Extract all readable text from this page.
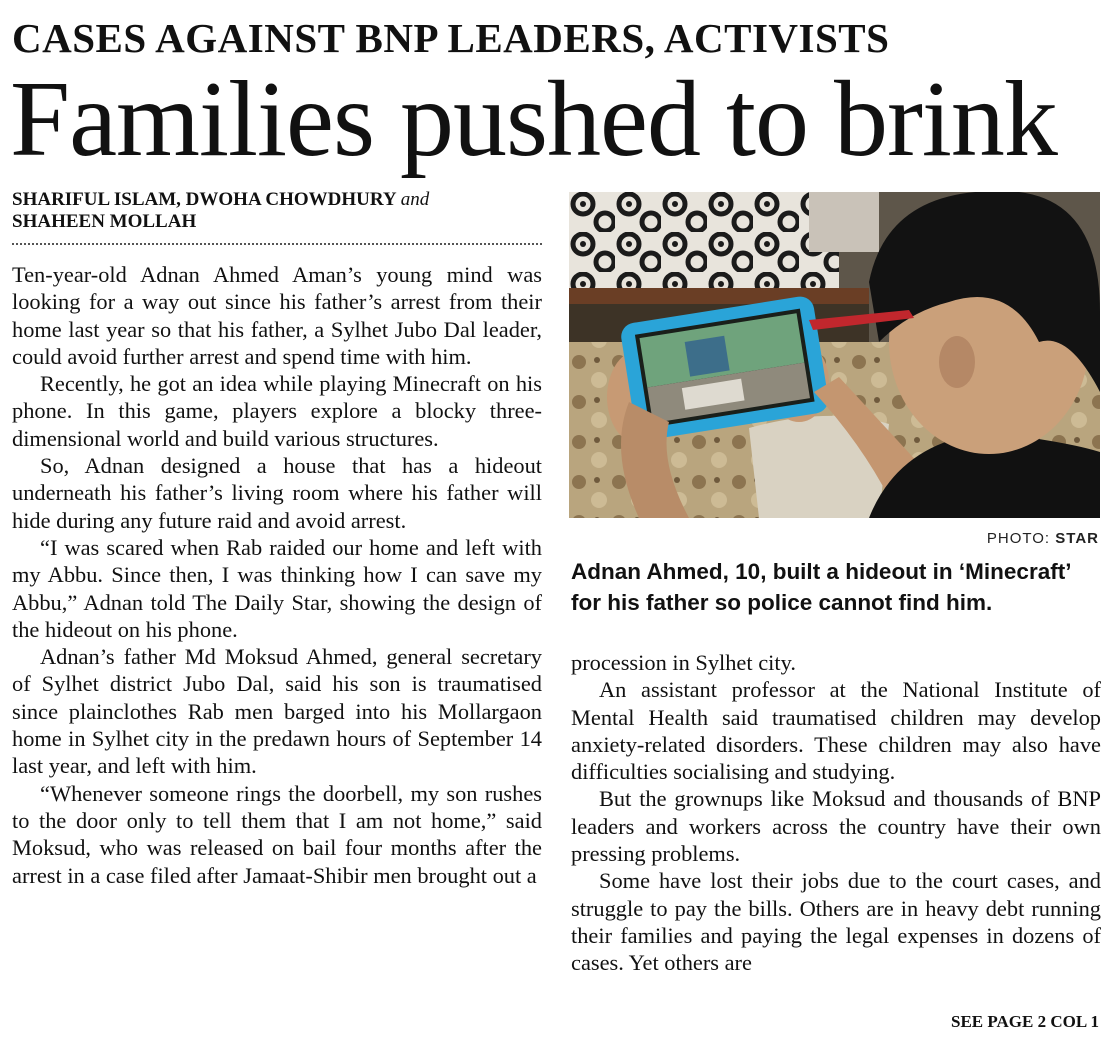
CASES AGAINST BNP LEADERS, ACTIVISTS
Families pushed to brink
SHARIFUL ISLAM, DWOHA CHOWDHURY and
SHAHEEN MOLLAH

Ten-year-old Adnan Ahmed Aman’s young mind was looking for a way out since his father’s arrest from their home last year so that his father, a Sylhet Jubo Dal leader, could avoid further arrest and spend time with him.

Recently, he got an idea while playing Minecraft on his phone. In this game, players explore a blocky three-dimensional world and build various structures.

So, Adnan designed a house that has a hideout underneath his father’s living room where his father will hide during any future raid and avoid arrest.

“I was scared when Rab raided our home and left with my Abbu. Since then, I was thinking how I can save my Abbu,” Adnan told The Daily Star, showing the design of the hideout on his phone.

Adnan’s father Md Moksud Ahmed, general secretary of Sylhet district Jubo Dal, said his son is traumatised since plainclothes Rab men barged into his Mollargaon home in Sylhet city in the predawn hours of September 14 last year, and left with him.

“Whenever someone rings the doorbell, my son rushes to the door only to tell them that I am not home,” said Moksud, who was released on bail four months after the arrest in a case filed after Jamaat-Shibir men brought out a

PHOTO: STAR
Adnan Ahmed, 10, built a hideout in ‘Minecraft’ for his father so police cannot find him.

procession in Sylhet city.

An assistant professor at the National Institute of Mental Health said traumatised children may develop anxiety-related disorders. These children may also have difficulties socialising and studying.

But the grownups like Moksud and thousands of BNP leaders and workers across the country have their own pressing problems.

Some have lost their jobs due to the court cases, and struggle to pay the bills. Others are in heavy debt running their families and paying the legal expenses in dozens of cases. Yet others are

SEE PAGE 2 COL 1
